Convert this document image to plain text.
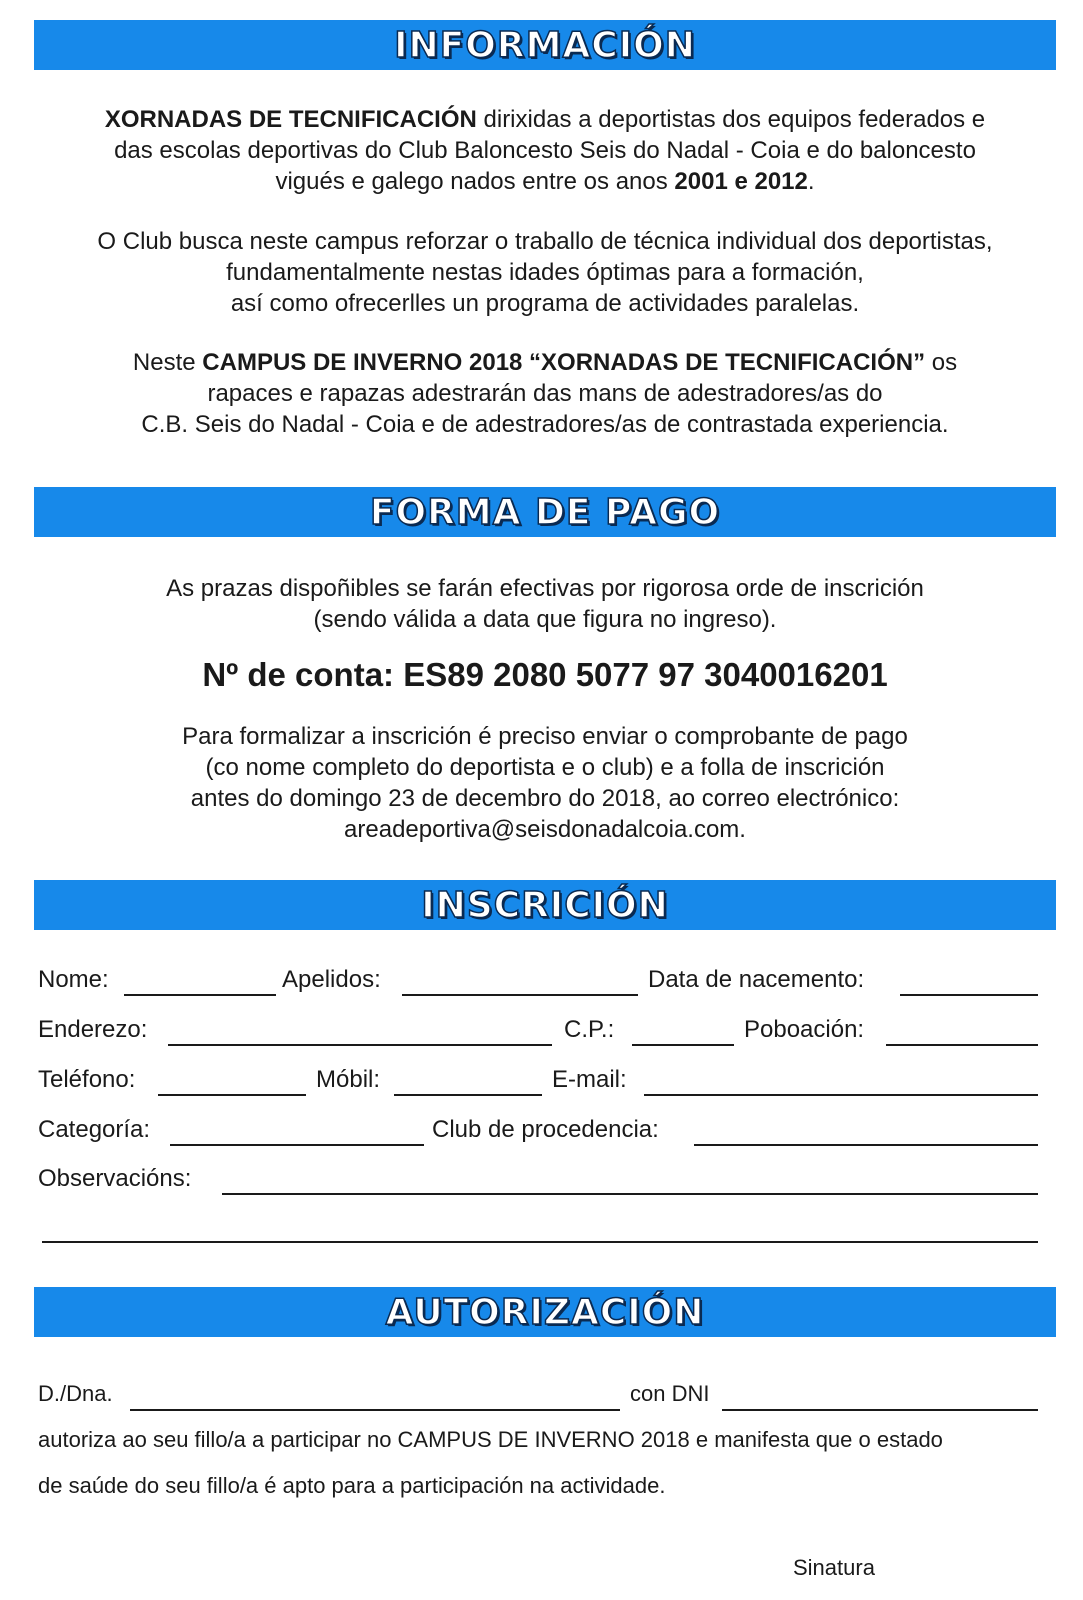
INFORMACIÓN
XORNADAS DE TECNIFICACIÓN dirixidas a deportistas dos equipos federados e
das escolas deportivas do Club Baloncesto Seis do Nadal - Coia e do baloncesto
vigués e galego nados entre os anos 2001 e 2012.
O Club busca neste campus reforzar o traballo de técnica individual dos deportistas,
fundamentalmente nestas idades óptimas para a formación,
así como ofrecerlles un programa de actividades paralelas.
Neste CAMPUS DE INVERNO 2018 “XORNADAS DE TECNIFICACIÓN” os
rapaces e rapazas adestrarán das mans de adestradores/as do
C.B. Seis do Nadal - Coia e de adestradores/as de contrastada experiencia.
FORMA DE PAGO
As prazas dispoñibles se farán efectivas por rigorosa orde de inscrición
(sendo válida a data que figura no ingreso).
Nº de conta: ES89 2080 5077 97 3040016201
Para formalizar a inscrición é preciso enviar o comprobante de pago
(co nome completo do deportista e o club) e a folla de inscrición
antes do domingo 23 de decembro do 2018, ao correo electrónico:
areadeportiva@seisdonadalcoia.com.
INSCRICIÓN
Nome:	Apelidos:	Data de nacemento:
Enderezo:	C.P.:	Poboación:
Teléfono:	Móbil:	E-mail:
Categoría:	Club de procedencia:
Observacións:
AUTORIZACIÓN
D./Dna.	con DNI
autoriza ao seu fillo/a a participar no CAMPUS DE INVERNO 2018 e manifesta que o estado
de saúde do seu fillo/a é apto para a participación na actividade.
Sinatura
